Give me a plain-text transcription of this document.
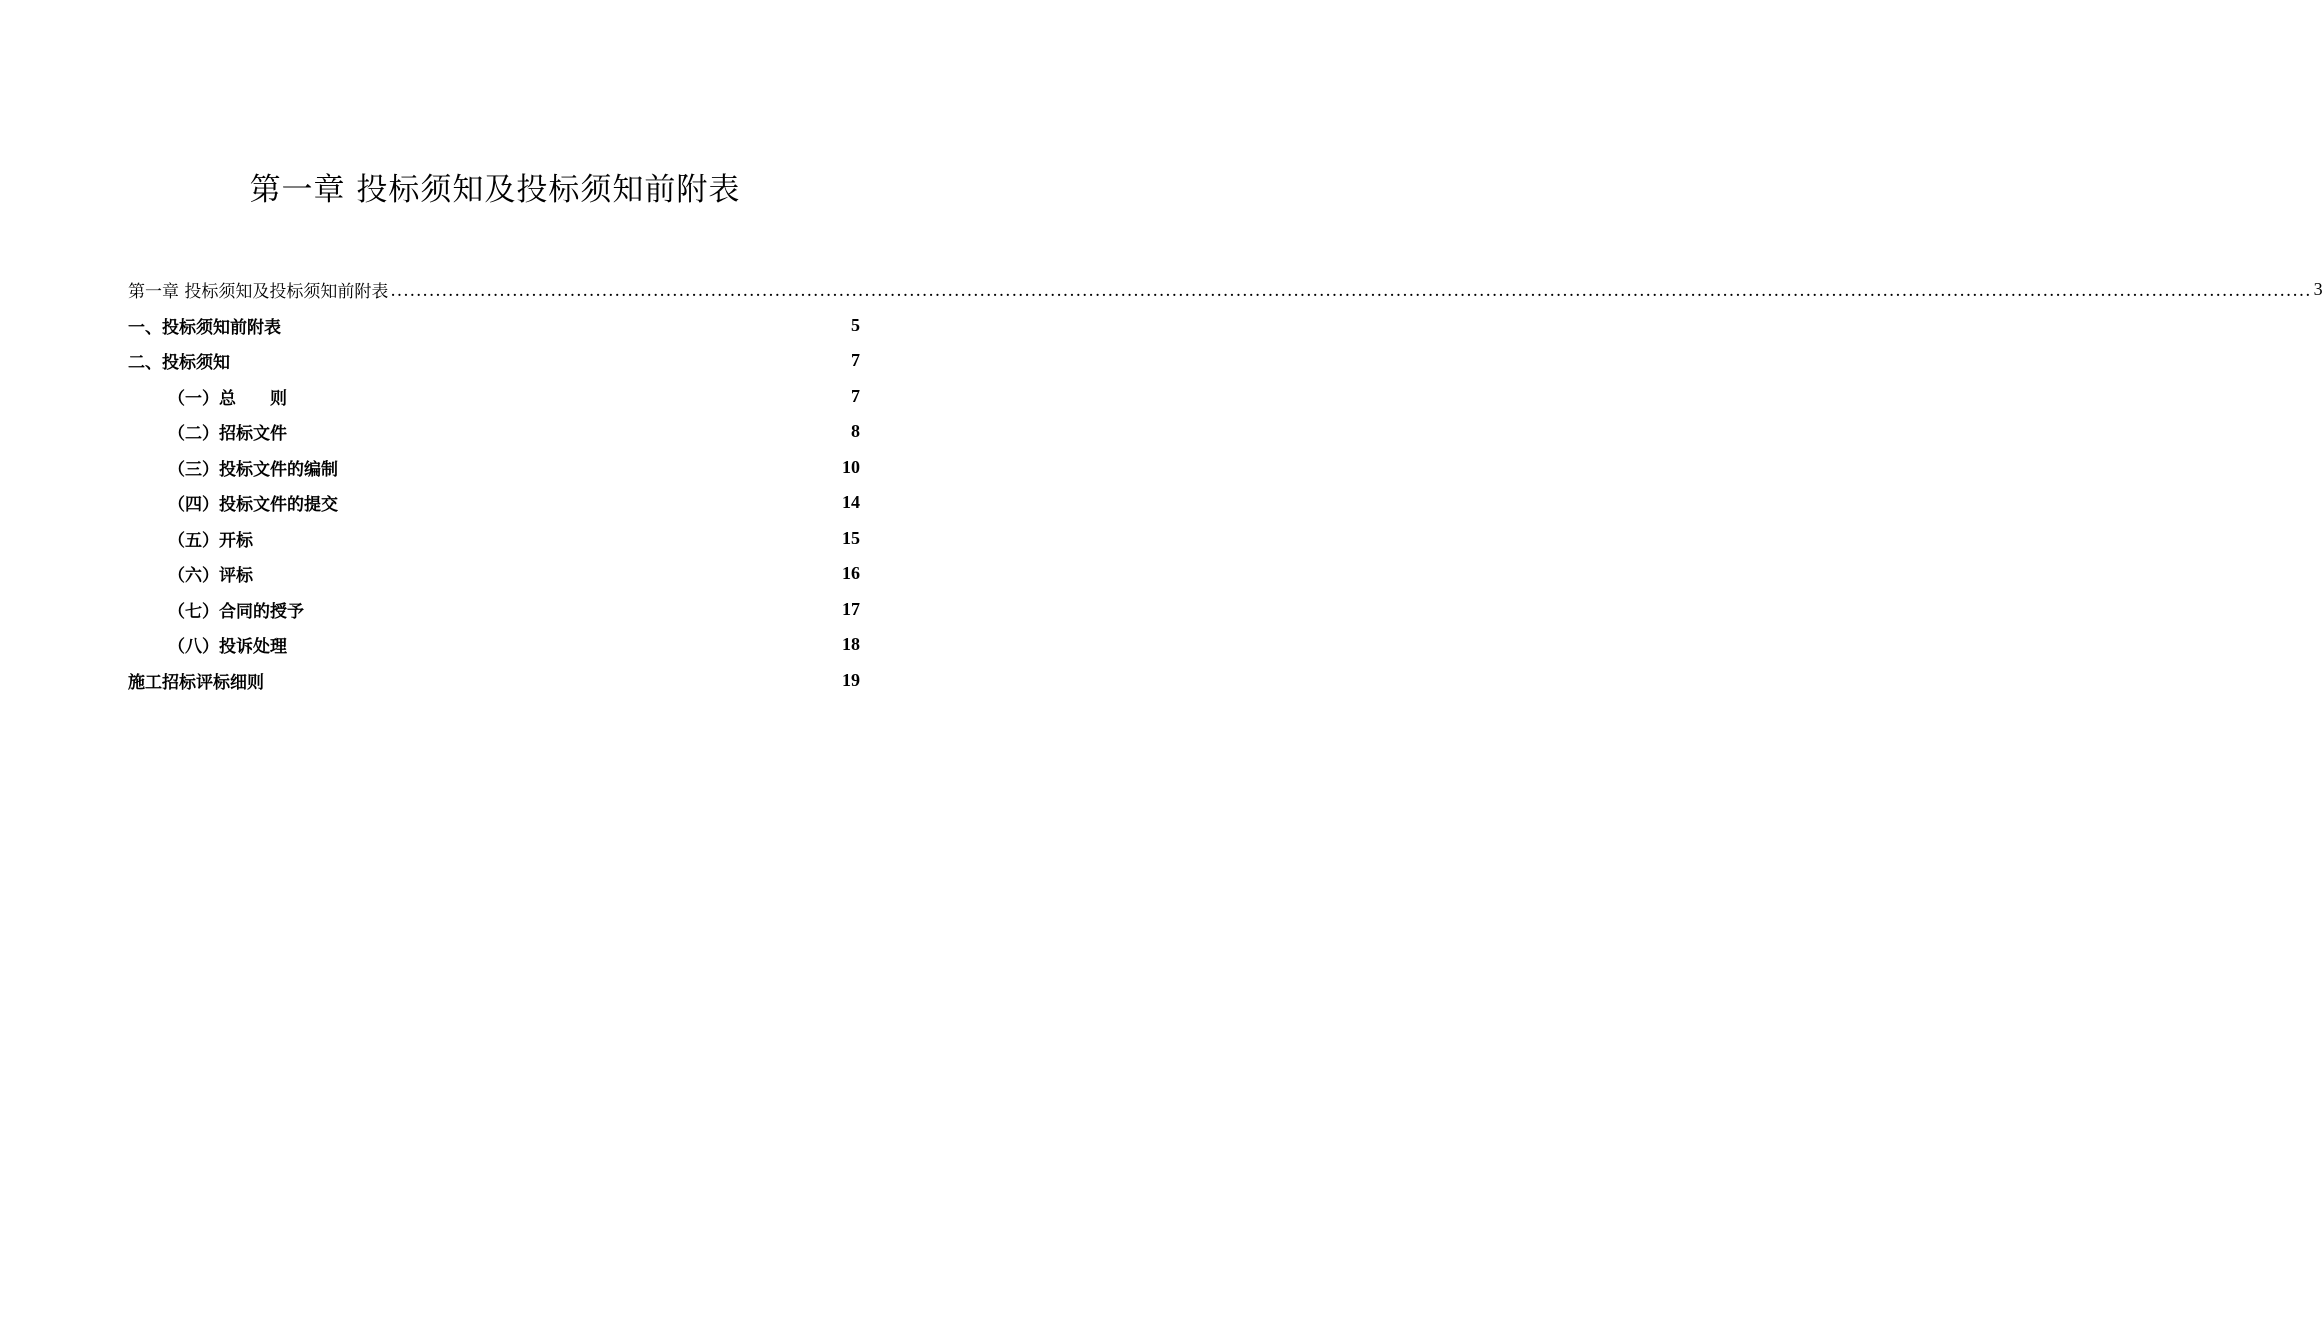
第一章 投标须知及投标须知前附表
第一章 投标须知及投标须知前附表 ............................................................................................................................................................................................................................................................................................................ 3
一、投标须知前附表	5
二、投标须知	7
（一）总　　则	7
（二）招标文件	8
（三）投标文件的编制	10
（四）投标文件的提交	14
（五）开标	15
（六）评标	16
（七）合同的授予	17
（八）投诉处理	18
施工招标评标细则	19
